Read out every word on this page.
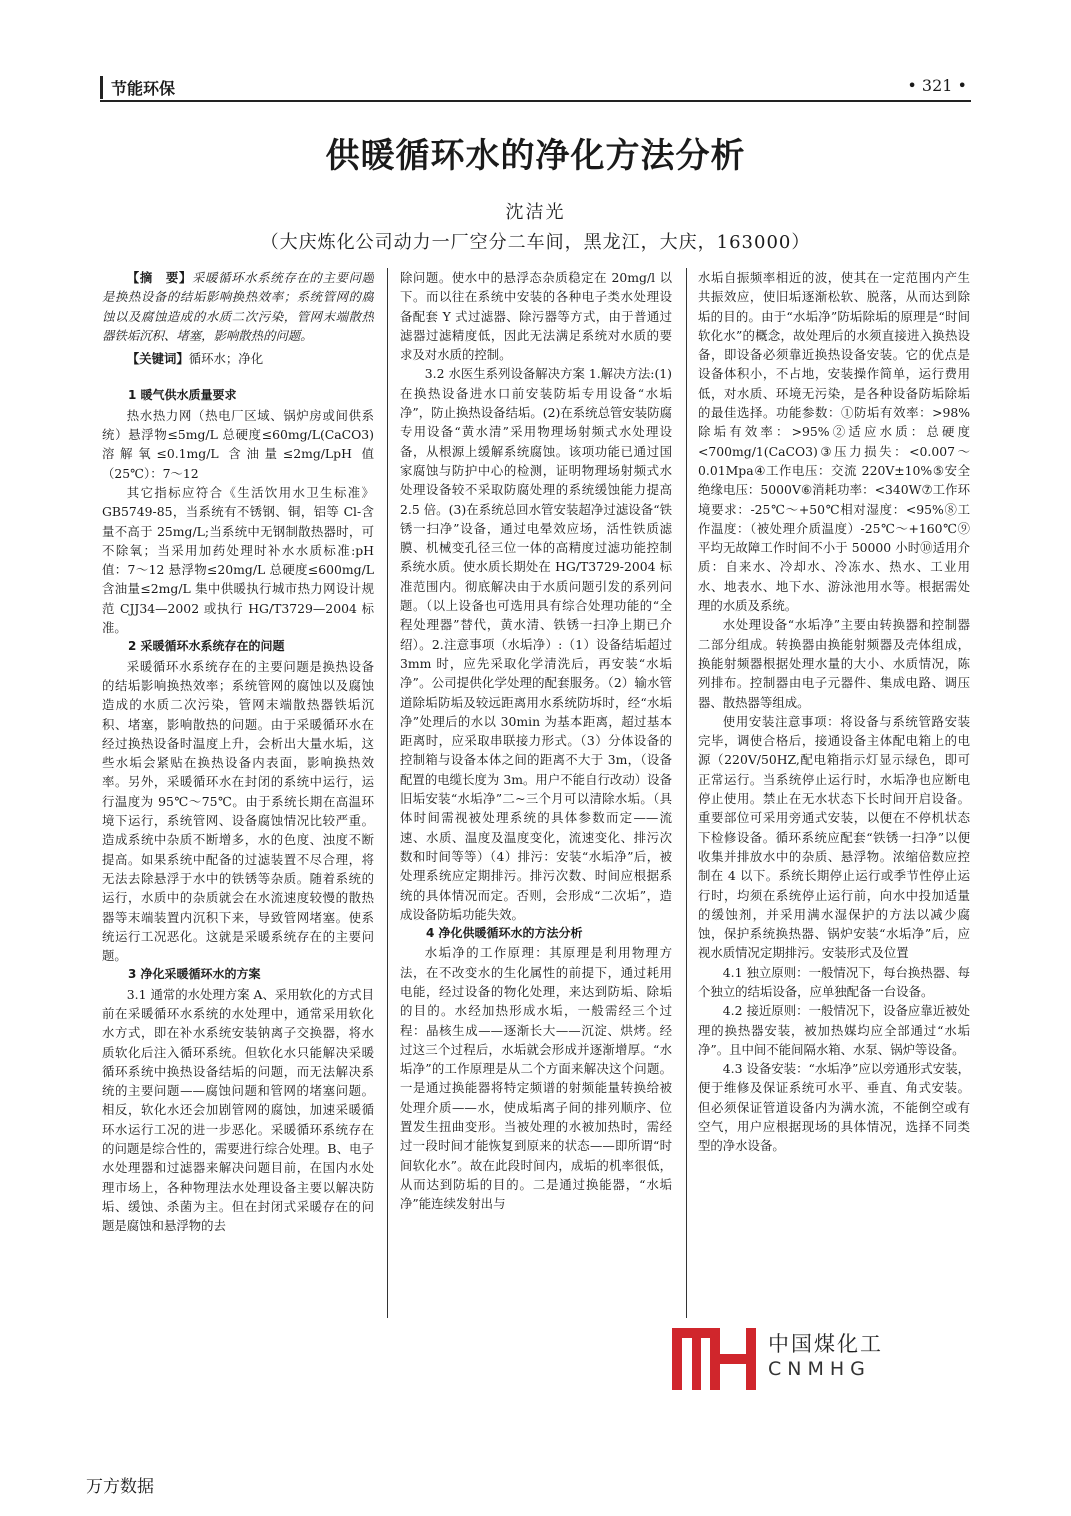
节能环保	• 321 •
供暖循环水的净化方法分析
沈洁光
（大庆炼化公司动力一厂空分二车间，黑龙江，大庆，163000）
【摘　要】采暖循环水系统存在的主要问题是换热设备的结垢影响换热效率；系统管网的腐蚀以及腐蚀造成的水质二次污染，管网末端散热器铁垢沉积、堵塞，影响散热的问题。
【关键词】循环水；净化
1 暖气供水质量要求
热水热力网（热电厂区域、锅炉房或间供系统）悬浮物≤5mg/L 总硬度≤60mg/L(CaCO3)溶解氧≤0.1mg/L 含油量≤2mg/LpH 值（25℃）：7～12
其它指标应符合《生活饮用水卫生标准》GB5749-85，当系统有不锈钢、铜，铝等 Cl-含量不高于 25mg/L;当系统中无钢制散热器时，可不除氧；当采用加药处理时补水水质标准:pH 值：7～12 悬浮物≤20mg/L 总硬度≤600mg/L 含油量≤2mg/L 集中供暖执行城市热力网设计规范 CJJ34—2002 或执行 HG/T3729—2004 标准。
2 采暖循环水系统存在的问题
采暖循环水系统存在的主要问题是换热设备的结垢影响换热效率；系统管网的腐蚀以及腐蚀造成的水质二次污染，管网末端散热器铁垢沉积、堵塞，影响散热的问题。由于采暖循环水在经过换热设备时温度上升，会析出大量水垢，这些水垢会紧贴在换热设备内表面，影响换热效率。另外，采暖循环水在封闭的系统中运行，运行温度为 95℃～75℃。由于系统长期在高温环境下运行，系统管网、设备腐蚀情况比较严重。造成系统中杂质不断增多，水的色度、浊度不断提高。如果系统中配备的过滤装置不尽合理，将无法去除悬浮于水中的铁锈等杂质。随着系统的运行，水质中的杂质就会在水流速度较慢的散热器等末端装置内沉积下来，导致管网堵塞。使系统运行工况恶化。这就是采暖系统存在的主要问题。
3 净化采暖循环水的方案
3.1 通常的水处理方案 A、采用软化的方式目前在采暖循环水系统的水处理中，通常采用软化水方式，即在补水系统安装钠离子交换器，将水质软化后注入循环系统。但软化水只能解决采暖循环系统中换热设备结垢的问题，而无法解决系统的主要问题——腐蚀问题和管网的堵塞问题。相反，软化水还会加剧管网的腐蚀，加速采暖循环水运行工况的进一步恶化。采暖循环系统存在的问题是综合性的，需要进行综合处理。B、电子水处理器和过滤器来解决问题目前，在国内水处理市场上，各种物理法水处理设备主要以解决防垢、缓蚀、杀菌为主。但在封闭式采暖存在的问题是腐蚀和悬浮物的去
除问题。使水中的悬浮态杂质稳定在 20mg/l 以下。而以往在系统中安装的各种电子类水处理设备配套 Y 式过滤器、除污器等方式，由于普通过滤器过滤精度低，因此无法满足系统对水质的要求及对水质的控制。
3.2 水医生系列设备解决方案 1.解决方法:(1)在换热设备进水口前安装防垢专用设备“水垢净”，防止换热设备结垢。(2)在系统总管安装防腐专用设备“黄水清”采用物理场射频式水处理设备，从根源上缓解系统腐蚀。该项功能已通过国家腐蚀与防护中心的检测，证明物理场射频式水处理设备较不采取防腐处理的系统缓蚀能力提高 2.5 倍。(3)在系统总回水管安装超净过滤设备“铁锈一扫净”设备，通过电晕效应场，活性铁质滤膜、机械变孔径三位一体的高精度过滤功能控制系统水质。使水质长期处在 HG/T3729-2004 标准范围内。彻底解决由于水质问题引发的系列问题。（以上设备也可选用具有综合处理功能的“全程处理器”替代，黄水清、铁锈一扫净上期已介绍）。2.注意事项（水垢净）:（1）设备结垢超过 3mm 时，应先采取化学清洗后，再安装“水垢净”。公司提供化学处理的配套服务。（2）输水管道除垢防垢及较远距离用水系统防坼时，经“水垢净”处理后的水以 30min 为基本距离，超过基本距离时，应采取串联接力形式。（3）分体设备的控制箱与设备本体之间的距离不大于 3m，（设备配置的电缆长度为 3m。用户不能自行改动）设备旧垢安装“水垢净”二~三个月可以清除水垢。（具体时间需视被处理系统的具体参数而定——流速、水质、温度及温度变化，流速变化、排污次数和时间等等）（4）排污：安装“水垢净”后，被处理系统应定期排污。排污次数、时间应根据系统的具体情况而定。否则，会形成“二次垢”，造成设备防垢功能失效。
4 净化供暖循环水的方法分析
水垢净的工作原理：其原理是利用物理方法，在不改变水的生化属性的前提下，通过耗用电能，经过设备的物化处理，来达到防垢、除垢的目的。水经加热形成水垢，一般需经三个过程：晶核生成——逐渐长大——沉淀、烘烤。经过这三个过程后，水垢就会形成并逐渐增厚。“水垢净”的工作原理是从二个方面来解决这个问题。一是通过换能器将特定频谱的射频能量转换给被处理介质——水，使成垢离子间的排列顺序、位置发生扭曲变形。当被处理的水被加热时，需经过一段时间才能恢复到原来的状态——即所谓“时间软化水”。故在此段时间内，成垢的机率很低，从而达到防垢的目的。二是通过换能器，“水垢净”能连续发射出与
水垢自振频率相近的波，使其在一定范围内产生共振效应，使旧垢逐渐松软、脱落，从而达到除垢的目的。由于“水垢净”防垢除垢的原理是“时间软化水”的概念，故处理后的水须直接进入换热设备，即设备必须靠近换热设备安装。它的优点是设备体积小，不占地，安装操作简单，运行费用低，对水质、环境无污染，是各种设备防垢除垢的最佳选择。功能参数：①防垢有效率：>98%除垢有效率：>95%②适应水质：总硬度<700mg/1(CaCO3)③压力损失：<0.007～0.01Mpa④工作电压：交流 220V±10%⑤安全绝缘电压：5000V⑥消耗功率：<340W⑦工作环境要求：-25℃～+50℃相对湿度：<95%⑧工作温度：（被处理介质温度）-25℃～+160℃⑨平均无故障工作时间不小于 50000 小时⑩适用介质：自来水、冷却水、冷冻水、热水、工业用水、地表水、地下水、游泳池用水等。根据需处理的水质及系统。
水处理设备“水垢净”主要由转换器和控制器二部分组成。转换器由换能射频器及壳体组成，换能射频器根据处理水量的大小、水质情况，陈列排布。控制器由电子元器件、集成电路、调压器、散热器等组成。
使用安装注意事项：将设备与系统管路安装完毕，调使合格后，接通设备主体配电箱上的电源（220V/50HZ,配电箱指示灯显示绿色，即可正常运行。当系统停止运行时，水垢净也应断电停止使用。禁止在无水状态下长时间开启设备。重要部位可采用旁通式安装，以便在不停机状态下检修设备。循环系统应配套“铁锈一扫净”以便收集并排放水中的杂质、悬浮物。浓缩倍数应控制在 4 以下。系统长期停止运行或季节性停止运行时，均须在系统停止运行前，向水中投加适量的缓蚀剂，并采用满水湿保护的方法以减少腐蚀，保护系统换热器、锅炉安装“水垢净”后，应视水质情况定期排污。安装形式及位置
4.1 独立原则：一般情况下，每台换热器、每个独立的结垢设备，应单独配备一台设备。
4.2 接近原则：一般情况下，设备应靠近被处理的换热器安装，被加热媒均应全部通过“水垢净”。且中间不能间隔水箱、水泵、锅炉等设备。
4.3 设备安装：“水垢净”应以旁通形式安装，便于维修及保证系统可水平、垂直、角式安装。但必须保证管道设备内为满水流，不能倒空或有空气，用户应根据现场的具体情况，选择不同类型的净水设备。
中国煤化工
CNMHG
万方数据
